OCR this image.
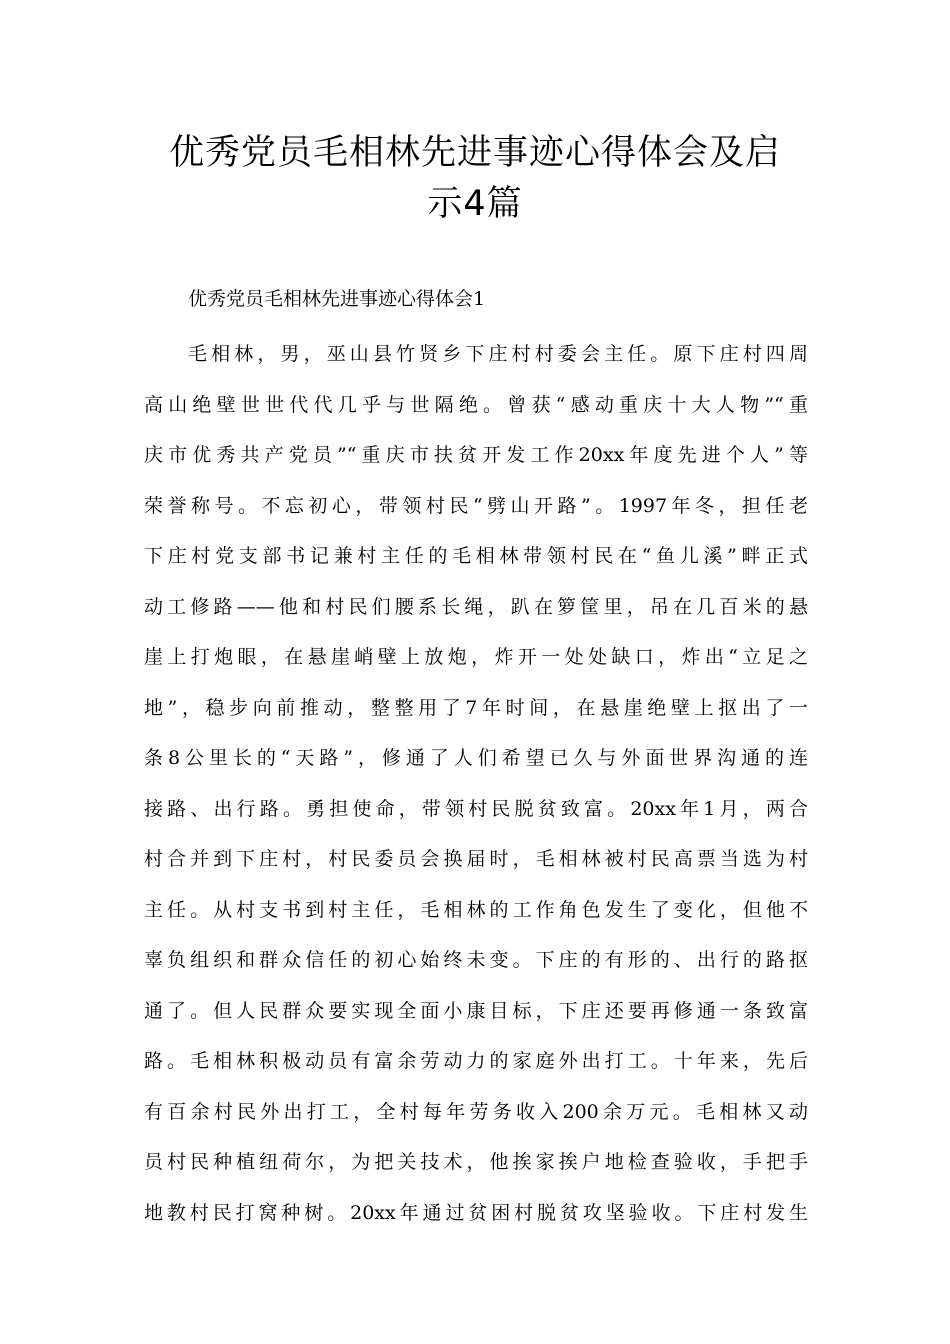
优秀党员毛相林先进事迹心得体会及启
示4篇
优秀党员毛相林先进事迹心得体会1
毛相林，男，巫山县竹贤乡下庄村村委会主任。原下庄村四周
高山绝壁世世代代几乎与世隔绝。曾获“感动重庆十大人物”“重
庆市优秀共产党员”“重庆市扶贫开发工作20xx年度先进个人”等
荣誉称号。不忘初心，带领村民“劈山开路”。1997年冬，担任老
下庄村党支部书记兼村主任的毛相林带领村民在“鱼儿溪”畔正式
动工修路——他和村民们腰系长绳，趴在箩筐里，吊在几百米的悬
崖上打炮眼，在悬崖峭壁上放炮，炸开一处处缺口，炸出“立足之
地”，稳步向前推动，整整用了7年时间，在悬崖绝壁上抠出了一
条8公里长的“天路”，修通了人们希望已久与外面世界沟通的连
接路、出行路。勇担使命，带领村民脱贫致富。20xx年1月，两合
村合并到下庄村，村民委员会换届时，毛相林被村民高票当选为村
主任。从村支书到村主任，毛相林的工作角色发生了变化，但他不
辜负组织和群众信任的初心始终未变。下庄的有形的、出行的路抠
通了。但人民群众要实现全面小康目标，下庄还要再修通一条致富
路。毛相林积极动员有富余劳动力的家庭外出打工。十年来，先后
有百余村民外出打工，全村每年劳务收入200余万元。毛相林又动
员村民种植纽荷尔，为把关技术，他挨家挨户地检查验收，手把手
地教村民打窝种树。20xx年通过贫困村脱贫攻坚验收。下庄村发生
